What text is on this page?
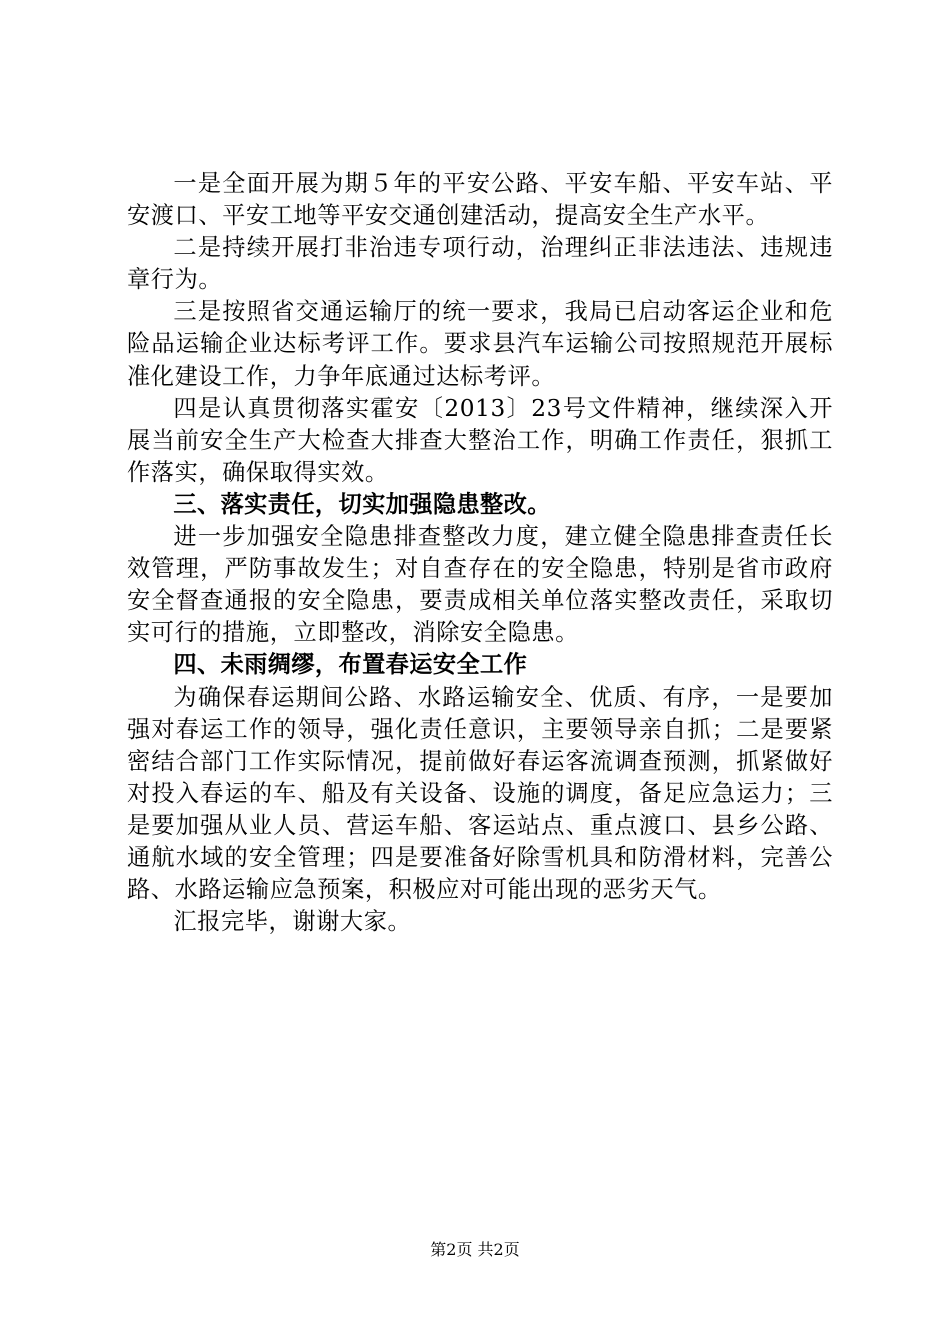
一是全面开展为期５年的平安公路、平安车船、平安车站、平安渡口、平安工地等平安交通创建活动，提高安全生产水平。

二是持续开展打非治违专项行动，治理纠正非法违法、违规违章行为。

三是按照省交通运输厅的统一要求，我局已启动客运企业和危险品运输企业达标考评工作。要求县汽车运输公司按照规范开展标准化建设工作，力争年底通过达标考评。

四是认真贯彻落实霍安〔2013〕23号文件精神，继续深入开展当前安全生产大检查大排查大整治工作，明确工作责任，狠抓工作落实，确保取得实效。

三、落实责任，切实加强隐患整改。

进一步加强安全隐患排查整改力度，建立健全隐患排查责任长效管理，严防事故发生；对自查存在的安全隐患，特别是省市政府安全督查通报的安全隐患，要责成相关单位落实整改责任，采取切实可行的措施，立即整改，消除安全隐患。

四、未雨绸缪，布置春运安全工作

为确保春运期间公路、水路运输安全、优质、有序，一是要加强对春运工作的领导，强化责任意识，主要领导亲自抓；二是要紧密结合部门工作实际情况，提前做好春运客流调查预测，抓紧做好对投入春运的车、船及有关设备、设施的调度，备足应急运力；三是要加强从业人员、营运车船、客运站点、重点渡口、县乡公路、通航水域的安全管理；四是要准备好除雪机具和防滑材料，完善公路、水路运输应急预案，积极应对可能出现的恶劣天气。

汇报完毕，谢谢大家。

第2页 共2页
